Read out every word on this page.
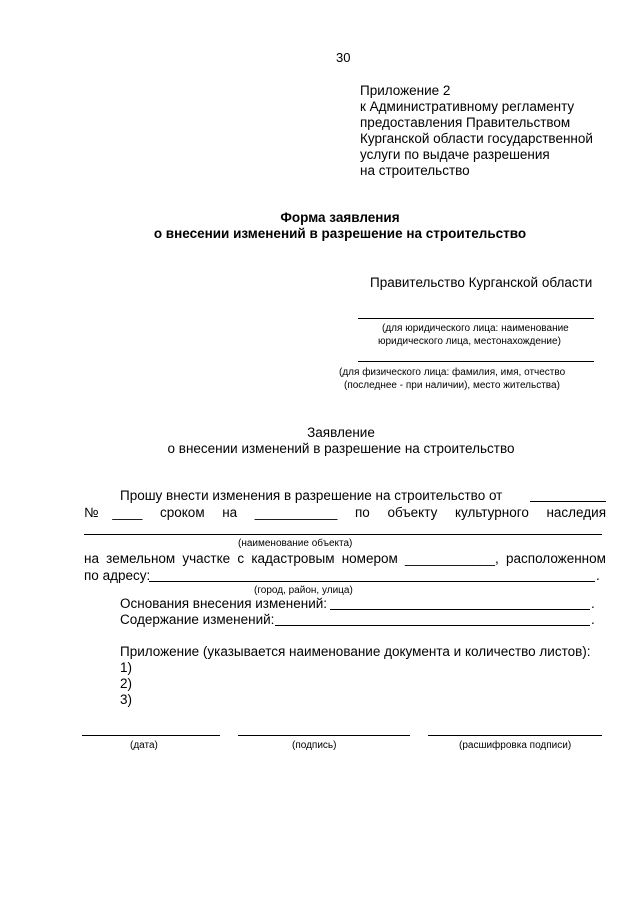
30
Приложение 2
к Административному регламенту
предоставления Правительством
Курганской области государственной
услуги по выдаче разрешения
на строительство
Форма заявления
о внесении изменений в разрешение на строительство
Правительство Курганской области
(для юридического лица: наименование
юридического лица, местонахождение)
(для физического лица: фамилия, имя, отчество
(последнее - при наличии), место жительства)
Заявление
о внесении изменений в разрешение на строительство
Прошу внести изменения в разрешение на строительство от
№____ сроком на ___________ по объекту культурного наследия
(наименование объекта)
на земельном участке с кадастровым номером ____________, расположенном
по адресу:	.
(город, район, улица)
Основания внесения изменений:	.
Содержание изменений:	.
Приложение (указывается наименование документа и количество листов):
1)
2)
3)
(дата)	(подпись)	(расшифровка подписи)
